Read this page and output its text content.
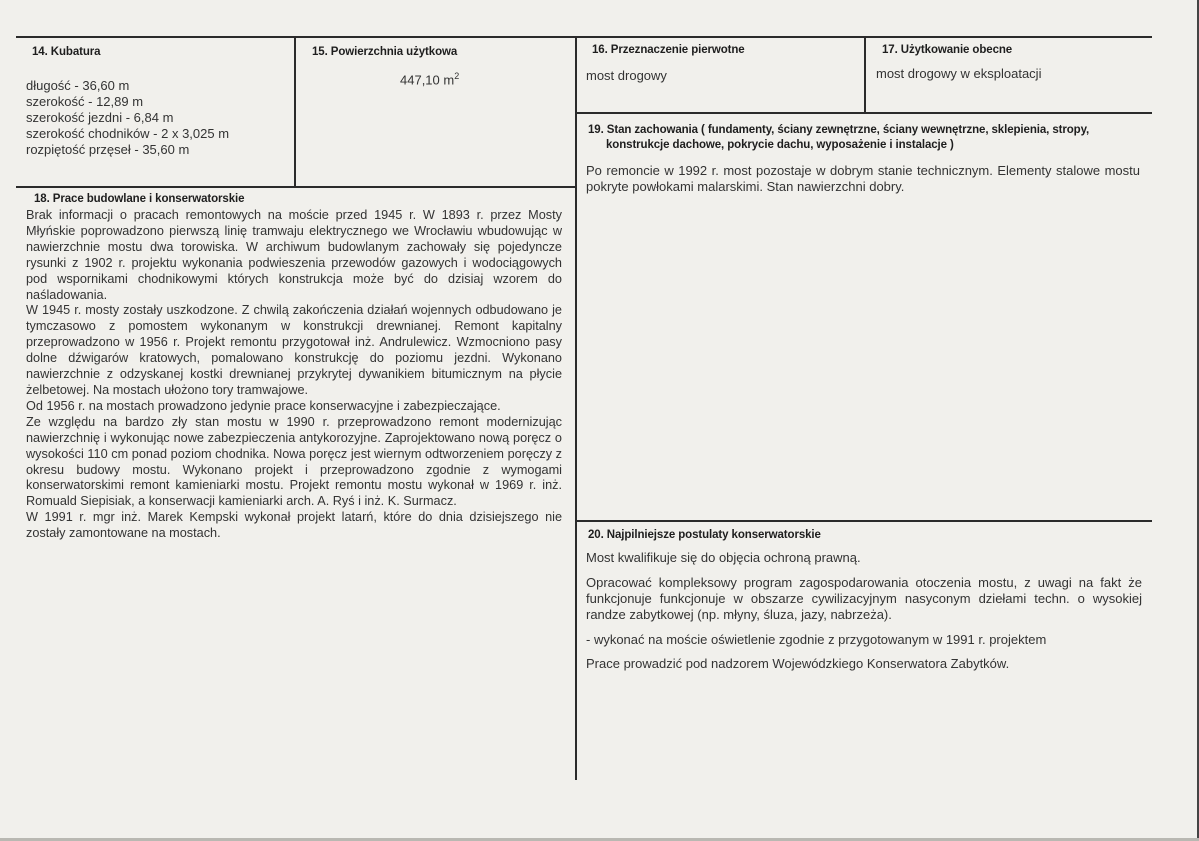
14. Kubatura
długość - 36,60 m
szerokość - 12,89 m
szerokość jezdni - 6,84 m
szerokość chodników - 2 x 3,025 m
rozpiętość przęseł - 35,60 m
15. Powierzchnia użytkowa
447,10 $m^2$
16. Przeznaczenie pierwotne
most drogowy
17. Użytkowanie obecne
most drogowy w eksploatacji
19. Stan zachowania ( fundamenty, ściany zewnętrzne, ściany wewnętrzne, sklepienia, stropy,
konstrukcje dachowe, pokrycie dachu, wyposażenie i instalacje )
Po remoncie w 1992 r. most pozostaje w dobrym stanie technicznym. Elementy stalowe mostu pokryte powłokami malarskimi. Stan nawierzchni dobry.
18. Prace budowlane i konserwatorskie

Brak informacji o pracach remontowych na moście przed 1945 r. W 1893 r. przez Mosty Młyńskie poprowadzono pierwszą linię tramwaju elektrycznego we Wrocławiu wbudowując w nawierzchnie mostu dwa torowiska. W archiwum budowlanym zachowały się pojedyncze rysunki z 1902 r. projektu wykonania podwieszenia przewodów gazowych i wodociągowych pod wspornikami chodnikowymi których konstrukcja może być do dzisiaj wzorem do naśladowania.

W 1945 r. mosty zostały uszkodzone. Z chwilą zakończenia działań wojennych odbudowano je tymczasowo z pomostem wykonanym w konstrukcji drewnianej. Remont kapitalny przeprowadzono w 1956 r. Projekt remontu przygotował inż. Andrulewicz. Wzmocniono pasy dolne dźwigarów kratowych, pomalowano konstrukcję do poziomu jezdni. Wykonano nawierzchnie z odzyskanej kostki drewnianej przykrytej dywanikiem bitumicznym na płycie żelbetowej. Na mostach ułożono tory tramwajowe.

Od 1956 r. na mostach prowadzono jedynie prace konserwacyjne i zabezpieczające.

Ze względu na bardzo zły stan mostu w 1990 r. przeprowadzono remont modernizując nawierzchnię i wykonując nowe zabezpieczenia antykorozyjne. Zaprojektowano nową poręcz o wysokości 110 cm ponad poziom chodnika. Nowa poręcz jest wiernym odtworzeniem poręczy z okresu budowy mostu. Wykonano projekt i przeprowadzono zgodnie z wymogami konserwatorskimi remont kamieniarki mostu. Projekt remontu mostu wykonał w 1969 r. inż. Romuald Siepisiak, a konserwacji kamieniarki arch. A. Ryś i inż. K. Surmacz.

W 1991 r. mgr inż. Marek Kempski wykonał projekt latarń, które do dnia dzisiejszego nie zostały zamontowane na mostach.	20. Najpilniejsze postulaty konserwatorskie

Most kwalifikuje się do objęcia ochroną prawną.

Opracować kompleksowy program zagospodarowania otoczenia mostu, z uwagi na fakt że funkcjonuje funkcjonuje w obszarze cywilizacyjnym nasyconym dziełami techn. o wysokiej randze zabytkowej (np. młyny, śluza, jazy, nabrzeża).

- wykonać na moście oświetlenie zgodnie z przygotowanym w 1991 r. projektem

Prace prowadzić pod nadzorem Wojewódzkiego Konserwatora Zabytków.
